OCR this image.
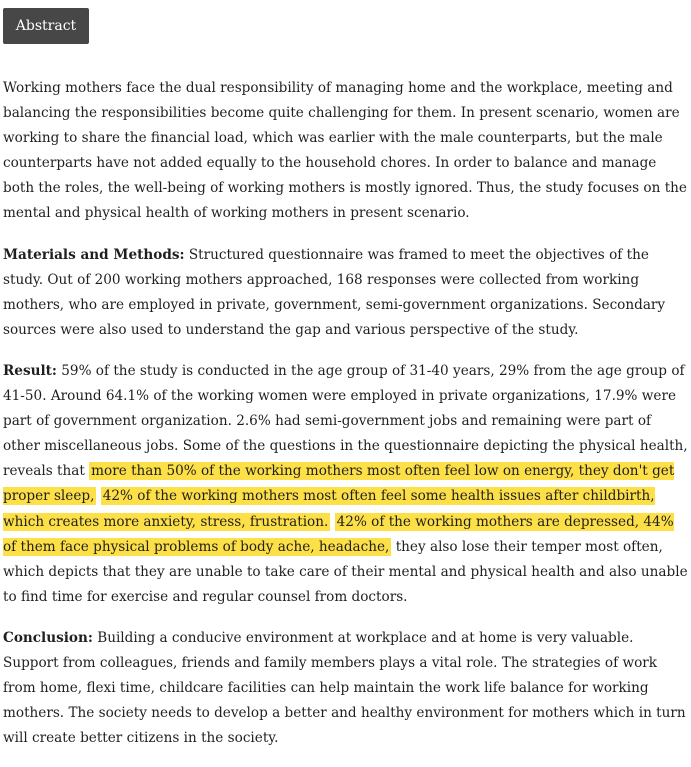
Abstract

Working mothers face the dual responsibility of managing home and the workplace, meeting and balancing the responsibilities become quite challenging for them. In present scenario, women are working to share the financial load, which was earlier with the male counterparts, but the male counterparts have not added equally to the household chores. In order to balance and manage both the roles, the well-being of working mothers is mostly ignored. Thus, the study focuses on the mental and physical health of working mothers in present scenario.

Materials and Methods: Structured questionnaire was framed to meet the objectives of the study. Out of 200 working mothers approached, 168 responses were collected from working mothers, who are employed in private, government, semi-government organizations. Secondary sources were also used to understand the gap and various perspective of the study.

Result: 59% of the study is conducted in the age group of 31-40 years, 29% from the age group of 41-50. Around 64.1% of the working women were employed in private organizations, 17.9% were part of government organization. 2.6% had semi-government jobs and remaining were part of other miscellaneous jobs. Some of the questions in the questionnaire depicting the physical health, reveals that more than 50% of the working mothers most often feel low on energy, they don't get proper sleep, 42% of the working mothers most often feel some health issues after childbirth, which creates more anxiety, stress, frustration. 42% of the working mothers are depressed, 44% of them face physical problems of body ache, headache, they also lose their temper most often, which depicts that they are unable to take care of their mental and physical health and also unable to find time for exercise and regular counsel from doctors.

Conclusion: Building a conducive environment at workplace and at home is very valuable. Support from colleagues, friends and family members plays a vital role. The strategies of work from home, flexi time, childcare facilities can help maintain the work life balance for working mothers. The society needs to develop a better and healthy environment for mothers which in turn will create better citizens in the society.
